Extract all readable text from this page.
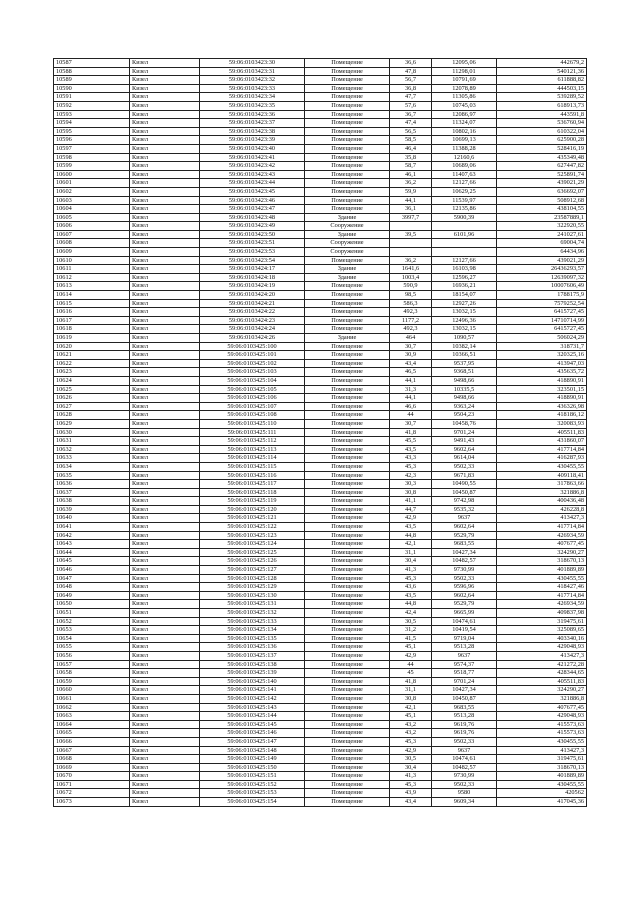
10587	Кизел	59:06:0103423:30	Помещение	36,6	12095,06	442679,2
10588	Кизел	59:06:0103423:31	Помещение	47,8	11298,01	540121,36
10589	Кизел	59:06:0103423:32	Помещение	56,7	10791,69	611888,82
10590	Кизел	59:06:0103423:33	Помещение	36,8	12078,89	444503,15
10591	Кизел	59:06:0103423:34	Помещение	47,7	11305,86	539289,52
10592	Кизел	59:06:0103423:35	Помещение	57,6	10745,03	618913,73
10593	Кизел	59:06:0103423:36	Помещение	36,7	12086,97	443591,8
10594	Кизел	59:06:0103423:37	Помещение	47,4	11324,07	536760,94
10595	Кизел	59:06:0103423:38	Помещение	56,5	10802,16	610322,04
10596	Кизел	59:06:0103423:39	Помещение	58,5	10699,13	625900,28
10597	Кизел	59:06:0103423:40	Помещение	46,4	11388,28	528416,19
10598	Кизел	59:06:0103423:41	Помещение	35,8	12160,6	435349,48
10599	Кизел	59:06:0103423:42	Помещение	58,7	10689,06	627447,82
10600	Кизел	59:06:0103423:43	Помещение	46,1	11407,63	525891,74
10601	Кизел	59:06:0103423:44	Помещение	36,2	12127,66	439021,29
10602	Кизел	59:06:0103423:45	Помещение	59,9	10629,25	636692,07
10603	Кизел	59:06:0103423:46	Помещение	44,1	11539,97	508912,68
10604	Кизел	59:06:0103423:47	Помещение	36,1	12135,86	438104,55
10605	Кизел	59:06:0103423:48	Здание	3997,7	5900,39	23587889,1
10606	Кизел	59:06:0103423:49	Сооружение			322920,55
10607	Кизел	59:06:0103423:50	Здание	39,5	6101,96	241027,61
10608	Кизел	59:06:0103423:51	Сооружение			69004,74
10609	Кизел	59:06:0103423:53	Сооружение			64434,96
10610	Кизел	59:06:0103423:54	Помещение	36,2	12127,66	439021,29
10611	Кизел	59:06:0103424:17	Здание	1641,6	16103,98	26436293,57
10612	Кизел	59:06:0103424:18	Здание	1003,4	12596,27	12639097,32
10613	Кизел	59:06:0103424:19	Помещение	590,9	16936,21	10007606,49
10614	Кизел	59:06:0103424:20	Помещение	98,5	18154,07	1788175,9
10615	Кизел	59:06:0103424:21	Помещение	586,3	12927,26	7579252,54
10616	Кизел	59:06:0103424:22	Помещение	492,3	13032,15	6415727,45
10617	Кизел	59:06:0103424:23	Помещение	1177,2	12496,36	14710714,99
10618	Кизел	59:06:0103424:24	Помещение	492,3	13032,15	6415727,45
10619	Кизел	59:06:0103424:26	Здание	464	1090,57	506024,29
10620	Кизел	59:06:0103425:100	Помещение	30,7	10382,14	318731,7
10621	Кизел	59:06:0103425:101	Помещение	30,9	10366,51	320325,16
10622	Кизел	59:06:0103425:102	Помещение	43,4	9537,95	413947,03
10623	Кизел	59:06:0103425:103	Помещение	46,5	9368,51	435635,72
10624	Кизел	59:06:0103425:104	Помещение	44,1	9498,66	418890,91
10625	Кизел	59:06:0103425:105	Помещение	31,3	10335,5	323501,15
10626	Кизел	59:06:0103425:106	Помещение	44,1	9498,66	418890,91
10627	Кизел	59:06:0103425:107	Помещение	46,6	9363,24	436326,98
10628	Кизел	59:06:0103425:108	Помещение	44	9504,23	418186,12
10629	Кизел	59:06:0103425:110	Помещение	30,7	10458,76	320083,93
10630	Кизел	59:06:0103425:111	Помещение	41,8	9701,24	405511,83
10631	Кизел	59:06:0103425:112	Помещение	45,5	9491,43	431860,07
10632	Кизел	59:06:0103425:113	Помещение	43,5	9602,64	417714,84
10633	Кизел	59:06:0103425:114	Помещение	43,3	9614,04	416287,93
10634	Кизел	59:06:0103425:115	Помещение	45,3	9502,33	430455,55
10635	Кизел	59:06:0103425:116	Помещение	42,3	9671,83	409118,41
10636	Кизел	59:06:0103425:117	Помещение	30,3	10490,55	317863,66
10637	Кизел	59:06:0103425:118	Помещение	30,8	10450,87	321886,8
10638	Кизел	59:06:0103425:119	Помещение	41,1	9742,98	400436,48
10639	Кизел	59:06:0103425:120	Помещение	44,7	9535,32	426228,8
10640	Кизел	59:06:0103425:121	Помещение	42,9	9637	413427,3
10641	Кизел	59:06:0103425:122	Помещение	43,5	9602,64	417714,84
10642	Кизел	59:06:0103425:123	Помещение	44,8	9529,79	426934,59
10643	Кизел	59:06:0103425:124	Помещение	42,1	9683,55	407677,45
10644	Кизел	59:06:0103425:125	Помещение	31,1	10427,34	324290,27
10645	Кизел	59:06:0103425:126	Помещение	30,4	10482,57	318670,13
10646	Кизел	59:06:0103425:127	Помещение	41,3	9730,99	401889,89
10647	Кизел	59:06:0103425:128	Помещение	45,3	9502,33	430455,55
10648	Кизел	59:06:0103425:129	Помещение	43,6	9596,96	418427,46
10649	Кизел	59:06:0103425:130	Помещение	43,5	9602,64	417714,84
10650	Кизел	59:06:0103425:131	Помещение	44,8	9529,79	426934,59
10651	Кизел	59:06:0103425:132	Помещение	42,4	9665,99	409837,98
10652	Кизел	59:06:0103425:133	Помещение	30,5	10474,61	319475,61
10653	Кизел	59:06:0103425:134	Помещение	31,2	10419,54	325089,65
10654	Кизел	59:06:0103425:135	Помещение	41,5	9719,04	403340,16
10655	Кизел	59:06:0103425:136	Помещение	45,1	9513,28	429048,93
10656	Кизел	59:06:0103425:137	Помещение	42,9	9637	413427,3
10657	Кизел	59:06:0103425:138	Помещение	44	9574,37	421272,28
10658	Кизел	59:06:0103425:139	Помещение	45	9518,77	428344,65
10659	Кизел	59:06:0103425:140	Помещение	41,8	9701,24	405511,83
10660	Кизел	59:06:0103425:141	Помещение	31,1	10427,34	324290,27
10661	Кизел	59:06:0103425:142	Помещение	30,8	10450,87	321886,8
10662	Кизел	59:06:0103425:143	Помещение	42,1	9683,55	407677,45
10663	Кизел	59:06:0103425:144	Помещение	45,1	9513,28	429048,93
10664	Кизел	59:06:0103425:145	Помещение	43,2	9619,76	415573,63
10665	Кизел	59:06:0103425:146	Помещение	43,2	9619,76	415573,63
10666	Кизел	59:06:0103425:147	Помещение	45,3	9502,33	430455,55
10667	Кизел	59:06:0103425:148	Помещение	42,9	9637	413427,3
10668	Кизел	59:06:0103425:149	Помещение	30,5	10474,61	319475,61
10669	Кизел	59:06:0103425:150	Помещение	30,4	10482,57	318670,13
10670	Кизел	59:06:0103425:151	Помещение	41,3	9730,99	401889,89
10671	Кизел	59:06:0103425:152	Помещение	45,3	9502,33	430455,55
10672	Кизел	59:06:0103425:153	Помещение	43,9	9580	420562
10673	Кизел	59:06:0103425:154	Помещение	43,4	9609,34	417045,36
